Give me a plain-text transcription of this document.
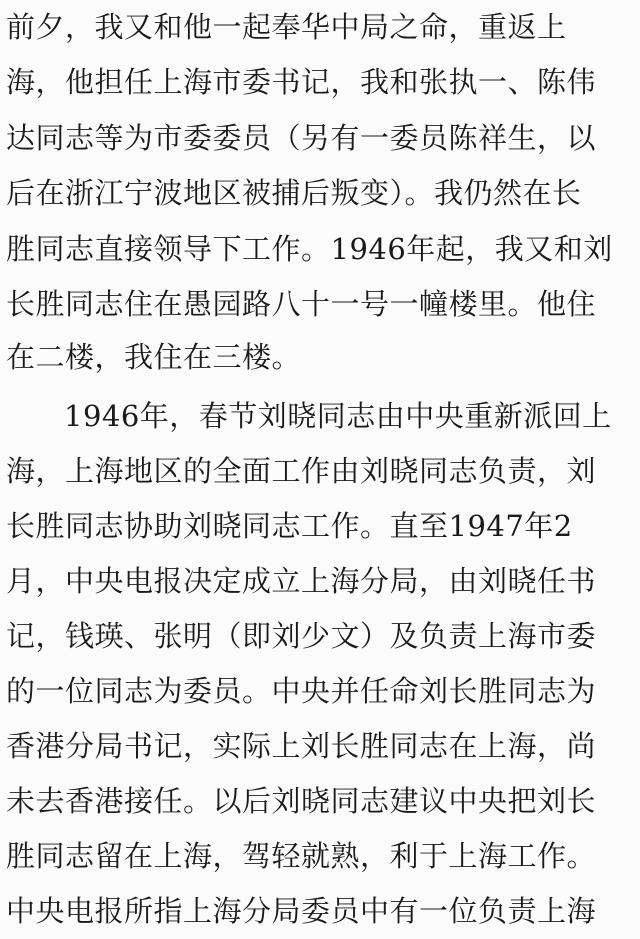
前夕，我又和他一起奉华中局之命，重返上
海，他担任上海市委书记，我和张执一、陈伟
达同志等为市委委员（另有一委员陈祥生，以
后在浙江宁波地区被捕后叛变）。我仍然在长
胜同志直接领导下工作。1946年起，我又和刘
长胜同志住在愚园路八十一号一幢楼里。他住
在二楼，我住在三楼。
1946年，春节刘晓同志由中央重新派回上
海，上海地区的全面工作由刘晓同志负责，刘
长胜同志协助刘晓同志工作。直至1947年2
月，中央电报决定成立上海分局，由刘晓任书
记，钱瑛、张明（即刘少文）及负责上海市委
的一位同志为委员。中央并任命刘长胜同志为
香港分局书记，实际上刘长胜同志在上海，尚
未去香港接任。以后刘晓同志建议中央把刘长
胜同志留在上海，驾轻就熟，利于上海工作。
中央电报所指上海分局委员中有一位负责上海
